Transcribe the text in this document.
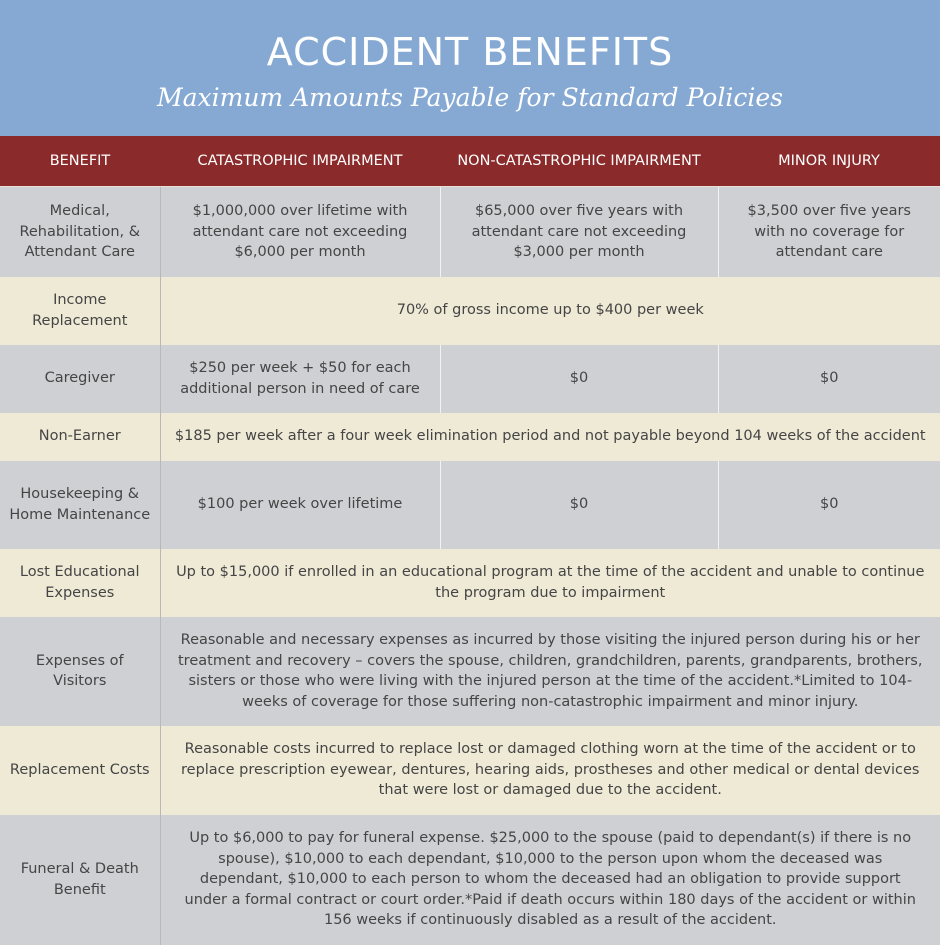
ACCIDENT BENEFITS
Maximum Amounts Payable for Standard Policies
BENEFIT	CATASTROPHIC IMPAIRMENT	NON-CATASTROPHIC IMPAIRMENT	MINOR INJURY
Medical, Rehabilitation, & Attendant Care	$1,000,000 over lifetime with attendant care not exceeding $6,000 per month	$65,000 over five years with attendant care not exceeding $3,000 per month	$3,500 over five years with no coverage for attendant care
Income Replacement	70% of gross income up to $400 per week		
Caregiver	$250 per week + $50 for each additional person in need of care	$0	$0
Non-Earner	$185 per week after a four week elimination period and not payable beyond 104 weeks of the accident		
Housekeeping & Home Maintenance	$100 per week over lifetime	$0	$0
Lost Educational Expenses	Up to $15,000 if enrolled in an educational program at the time of the accident and unable to continue the program due to impairment		
Expenses of Visitors	Reasonable and necessary expenses as incurred by those visiting the injured person during his or her treatment and recovery – covers the spouse, children, grandchildren, parents, grandparents, brothers, sisters or those who were living with the injured person at the time of the accident.*Limited to 104-weeks of coverage for those suffering non-catastrophic impairment and minor injury.		
Replacement Costs	Reasonable costs incurred to replace lost or damaged clothing worn at the time of the accident or to replace prescription eyewear, dentures, hearing aids, prostheses and other medical or dental devices that were lost or damaged due to the accident.		
Funeral & Death Benefit	Up to $6,000 to pay for funeral expense. $25,000 to the spouse (paid to dependant(s) if there is no spouse), $10,000 to each dependant, $10,000 to the person upon whom the deceased was dependant, $10,000 to each person to whom the deceased had an obligation to provide support under a formal contract or court order.*Paid if death occurs within 180 days of the accident or within 156 weeks if continuously disabled as a result of the accident.		
